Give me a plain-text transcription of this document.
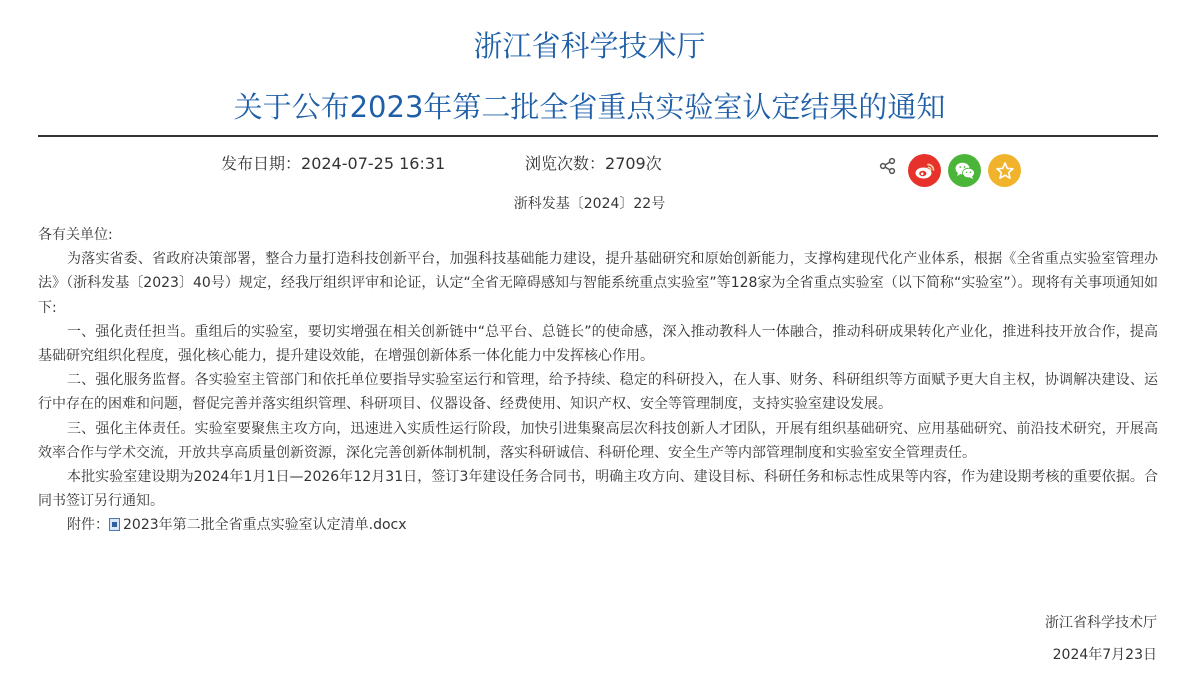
浙江省科学技术厅
关于公布2023年第二批全省重点实验室认定结果的通知
发布日期：2024-07-25 16:31	浏览次数：2709次
浙科发基〔2024〕22号

各有关单位:

为落实省委、省政府决策部署，整合力量打造科技创新平台，加强科技基础能力建设，提升基础研究和原始创新能力，支撑构建现代化产业体系，根据《全省重点实验室管理办法》（浙科发基〔2023〕40号）规定，经我厅组织评审和论证，认定“全省无障碍感知与智能系统重点实验室”等128家为全省重点实验室（以下简称“实验室”）。现将有关事项通知如下:

一、强化责任担当。重组后的实验室，要切实增强在相关创新链中“总平台、总链长”的使命感，深入推动教科人一体融合，推动科研成果转化产业化，推进科技开放合作，提高基础研究组织化程度，强化核心能力，提升建设效能，在增强创新体系一体化能力中发挥核心作用。

二、强化服务监督。各实验室主管部门和依托单位要指导实验室运行和管理，给予持续、稳定的科研投入，在人事、财务、科研组织等方面赋予更大自主权，协调解决建设、运行中存在的困难和问题，督促完善并落实组织管理、科研项目、仪器设备、经费使用、知识产权、安全等管理制度，支持实验室建设发展。

三、强化主体责任。实验室要聚焦主攻方向，迅速进入实质性运行阶段，加快引进集聚高层次科技创新人才团队，开展有组织基础研究、应用基础研究、前沿技术研究，开展高效率合作与学术交流，开放共享高质量创新资源，深化完善创新体制机制，落实科研诚信、科研伦理、安全生产等内部管理制度和实验室安全管理责任。

本批实验室建设期为2024年1月1日—2026年12月31日，签订3年建设任务合同书，明确主攻方向、建设目标、科研任务和标志性成果等内容，作为建设期考核的重要依据。合同书签订另行通知。

附件： 2023年第二批全省重点实验室认定清单.docx

浙江省科学技术厅
2024年7月23日
